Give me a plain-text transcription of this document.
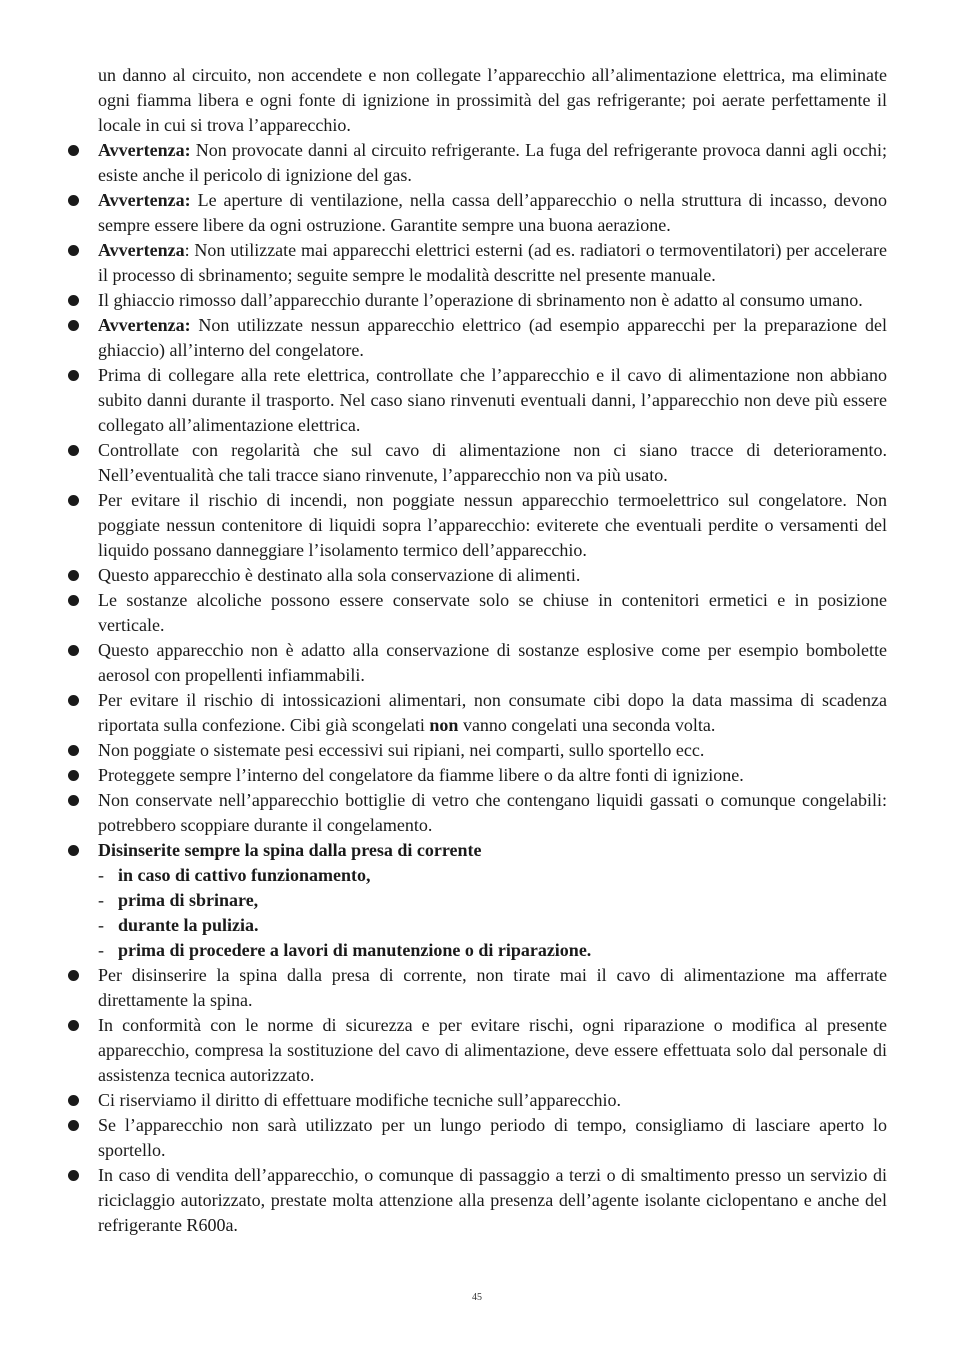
un danno al circuito, non accendete e non collegate l’apparecchio all’alimentazione elettrica, ma eliminate ogni fiamma libera e ogni fonte di ignizione in prossimità del gas refrigerante; poi aerate perfettamente il locale in cui si trova l’apparecchio.
Avvertenza: Non provocate danni al circuito refrigerante. La fuga del refrigerante provoca danni agli occhi; esiste anche il pericolo di ignizione del gas.
Avvertenza: Le aperture di ventilazione, nella cassa dell’apparecchio o nella struttura di incasso, devono sempre essere libere da ogni ostruzione. Garantite sempre una buona aerazione.
Avvertenza: Non utilizzate mai apparecchi elettrici esterni (ad es. radiatori o termoventilatori) per accelerare il processo di sbrinamento; seguite sempre le modalità descritte nel presente manuale.
Il ghiaccio rimosso dall’apparecchio durante l’operazione di sbrinamento non è adatto al consumo umano.
Avvertenza: Non utilizzate nessun apparecchio elettrico (ad esempio apparecchi per la preparazione del ghiaccio) all’interno del congelatore.
Prima di collegare alla rete elettrica, controllate che l’apparecchio e il cavo di alimentazione non abbiano subito danni durante il trasporto. Nel caso siano rinvenuti eventuali danni, l’apparecchio non deve più essere collegato all’alimentazione elettrica.
Controllate con regolarità che sul cavo di alimentazione non ci siano tracce di deterioramento. Nell’eventualità che tali tracce siano rinvenute, l’apparecchio non va più usato.
Per evitare il rischio di incendi, non poggiate nessun apparecchio termoelettrico sul congelatore. Non poggiate nessun contenitore di liquidi sopra l’apparecchio: eviterete che eventuali perdite o versamenti del liquido possano danneggiare l’isolamento termico dell’apparecchio.
Questo apparecchio è destinato alla sola conservazione di alimenti.
Le sostanze alcoliche possono essere conservate solo se chiuse in contenitori ermetici e in posizione verticale.
Questo apparecchio non è adatto alla conservazione di sostanze esplosive come per esempio bombolette aerosol con propellenti infiammabili.
Per evitare il rischio di intossicazioni alimentari, non consumate cibi dopo la data massima di scadenza riportata sulla confezione. Cibi già scongelati non vanno congelati una seconda volta.
Non poggiate o sistemate pesi eccessivi sui ripiani, nei comparti, sullo sportello ecc.
Proteggete sempre l’interno del congelatore da fiamme libere o da altre fonti di ignizione.
Non conservate nell’apparecchio bottiglie di vetro che contengano liquidi gassati o comunque congelabili: potrebbero scoppiare durante il congelamento.
Disinserite sempre la spina dalla presa di corrente
- in caso di cattivo funzionamento,
- prima di sbrinare,
- durante la pulizia.
- prima di procedere a lavori di manutenzione o di riparazione.
Per disinserire la spina dalla presa di corrente, non tirate mai il cavo di alimentazione ma afferrate direttamente la spina.
In conformità con le norme di sicurezza e per evitare rischi, ogni riparazione o modifica al presente apparecchio, compresa la sostituzione del cavo di alimentazione, deve essere effettuata solo dal personale di assistenza tecnica autorizzato.
Ci riserviamo il diritto di effettuare modifiche tecniche sull’apparecchio.
Se l’apparecchio non sarà utilizzato per un lungo periodo di tempo, consigliamo di lasciare aperto lo sportello.
In caso di vendita dell’apparecchio, o comunque di passaggio a terzi o di smaltimento presso un servizio di riciclaggio autorizzato, prestate molta attenzione alla presenza dell’agente isolante ciclopentano e anche del refrigerante R600a.
45
